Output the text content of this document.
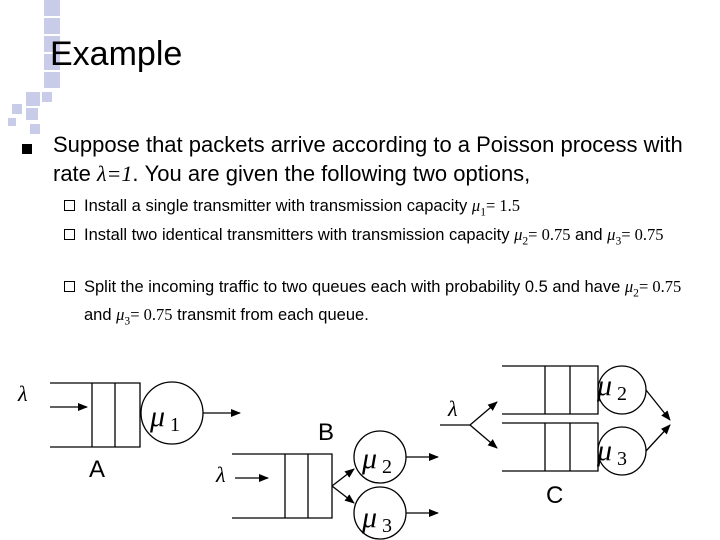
Example
Suppose that packets arrive according to a Poisson process with rate λ=1. You are given the following two options,
Install a single transmitter with transmission capacity $\mu_1= 1.5$
Install two identical transmitters with transmission capacity $\mu_2= 0.75$ and $\mu_3= 0.75$
Split the incoming traffic to two queues each with probability 0.5 and have $\mu_2= 0.75$ and $\mu_3= 0.75$ transmit from each queue.
λ
μ 1
λ	μ 2
μ 3
λ
μ 2
μ 3
A
B
C
